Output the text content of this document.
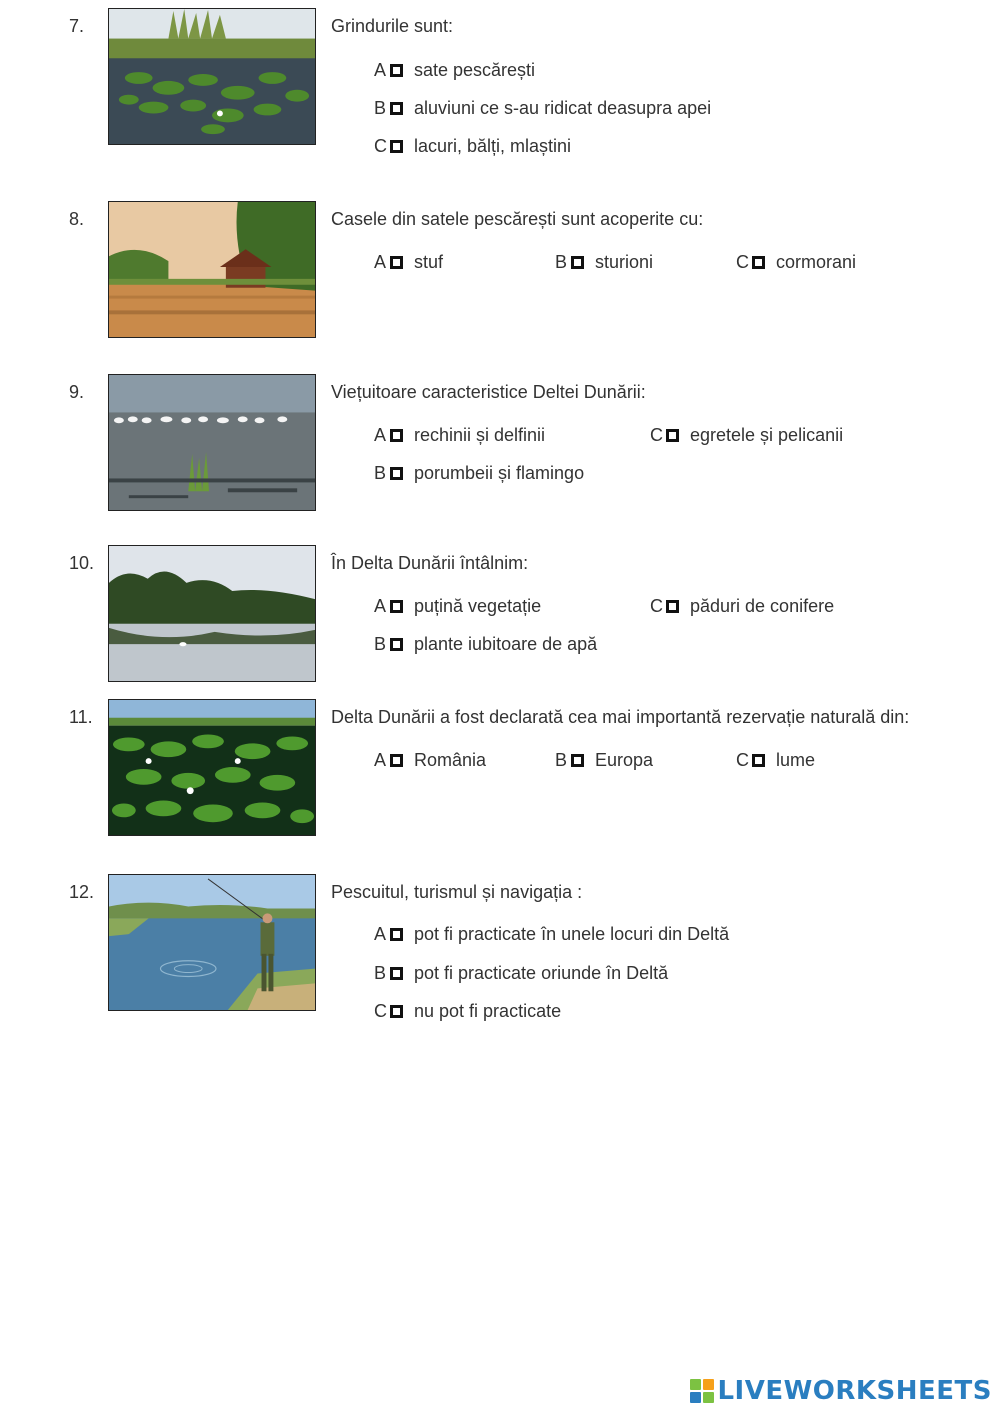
7.	Grindurile sunt:
A sate pescărești
B aluviuni ce s-au ridicat deasupra apei
C lacuri, bălți, mlaștini
8.	Casele din satele pescărești sunt acoperite cu:
A stuf	B sturioni	C cormorani
9.	Viețuitoare caracteristice Deltei Dunării:
A rechinii și delfinii	C egretele și pelicanii
B porumbeii și flamingo
10.	În Delta Dunării întâlnim:
A puțină vegetație	C păduri de conifere
B plante iubitoare de apă
11.	Delta Dunării a fost declarată cea mai importantă rezervație naturală din:
A România	B Europa	C lume
12.	Pescuitul, turismul și navigația :
A pot fi practicate în unele locuri din Deltă
B pot fi practicate oriunde în Deltă
C nu pot fi practicate
LIVEWORKSHEETS
